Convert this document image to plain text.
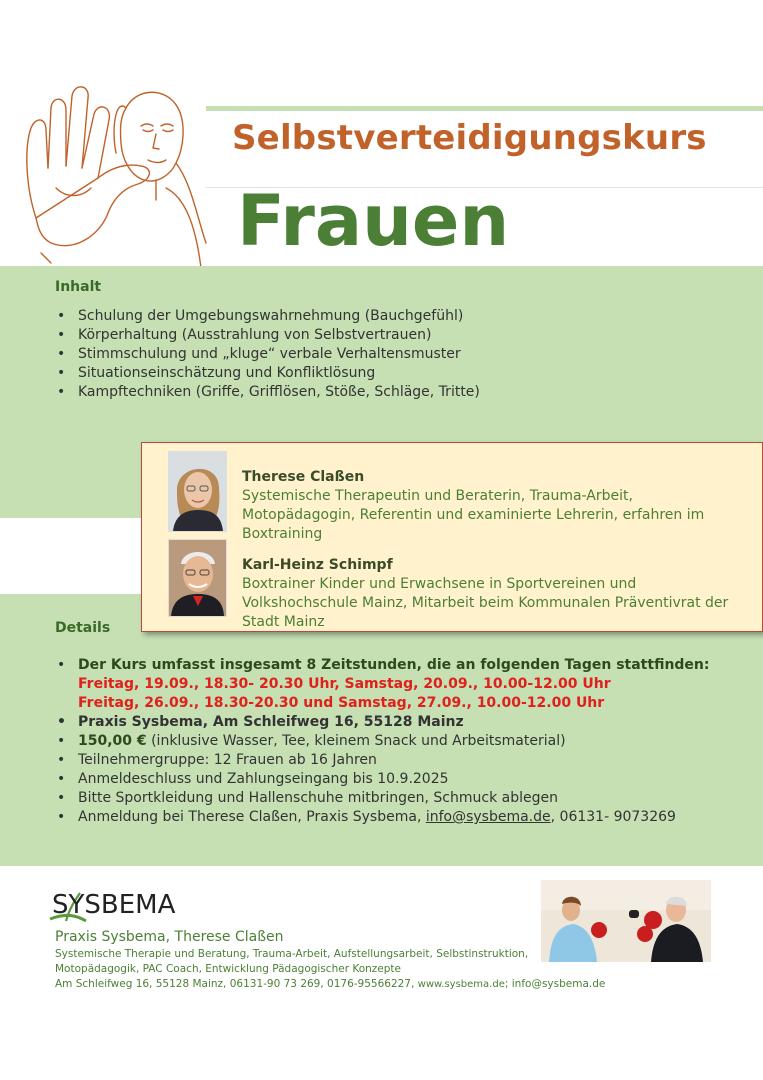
Selbstverteidigungskurs
Frauen
Inhalt
• Schulung der Umgebungswahrnehmung (Bauchgefühl)
• Körperhaltung (Ausstrahlung von Selbstvertrauen)
• Stimmschulung und „kluge“ verbale Verhaltensmuster
• Situationseinschätzung und Konfliktlösung
• Kampftechniken (Griffe, Grifflösen, Stöße, Schläge, Tritte)
Therese Claßen
Systemische Therapeutin und Beraterin, Trauma-Arbeit, Motopädagogin, Referentin und examinierte Lehrerin, erfahren im Boxtraining
Karl-Heinz Schimpf
Boxtrainer Kinder und Erwachsene in Sportvereinen und Volkshochschule Mainz, Mitarbeit beim Kommunalen Präventivrat der Stadt Mainz
Details
• Der Kurs umfasst insgesamt 8 Zeitstunden, die an folgenden Tagen stattfinden:
Freitag, 19.09., 18.30- 20.30 Uhr, Samstag, 20.09., 10.00-12.00 Uhr
Freitag, 26.09., 18.30-20.30 und Samstag, 27.09., 10.00-12.00 Uhr
• Praxis Sysbema, Am Schleifweg 16, 55128 Mainz
• 150,00 € (inklusive Wasser, Tee, kleinem Snack und Arbeitsmaterial)
• Teilnehmergruppe: 12 Frauen ab 16 Jahren
• Anmeldeschluss und Zahlungseingang bis 10.9.2025
• Bitte Sportkleidung und Hallenschuhe mitbringen, Schmuck ablegen
• Anmeldung bei Therese Claßen, Praxis Sysbema, info@sysbema.de, 06131- 9073269
SYSBEMA
Praxis Sysbema, Therese Claßen
Systemische Therapie und Beratung, Trauma-Arbeit, Aufstellungsarbeit, Selbstinstruktion,
Motopädagogik, PAC Coach, Entwicklung Pädagogischer Konzepte
Am Schleifweg 16, 55128 Mainz, 06131-90 73 269, 0176-95566227, www.sysbema.de; info@sysbema.de
